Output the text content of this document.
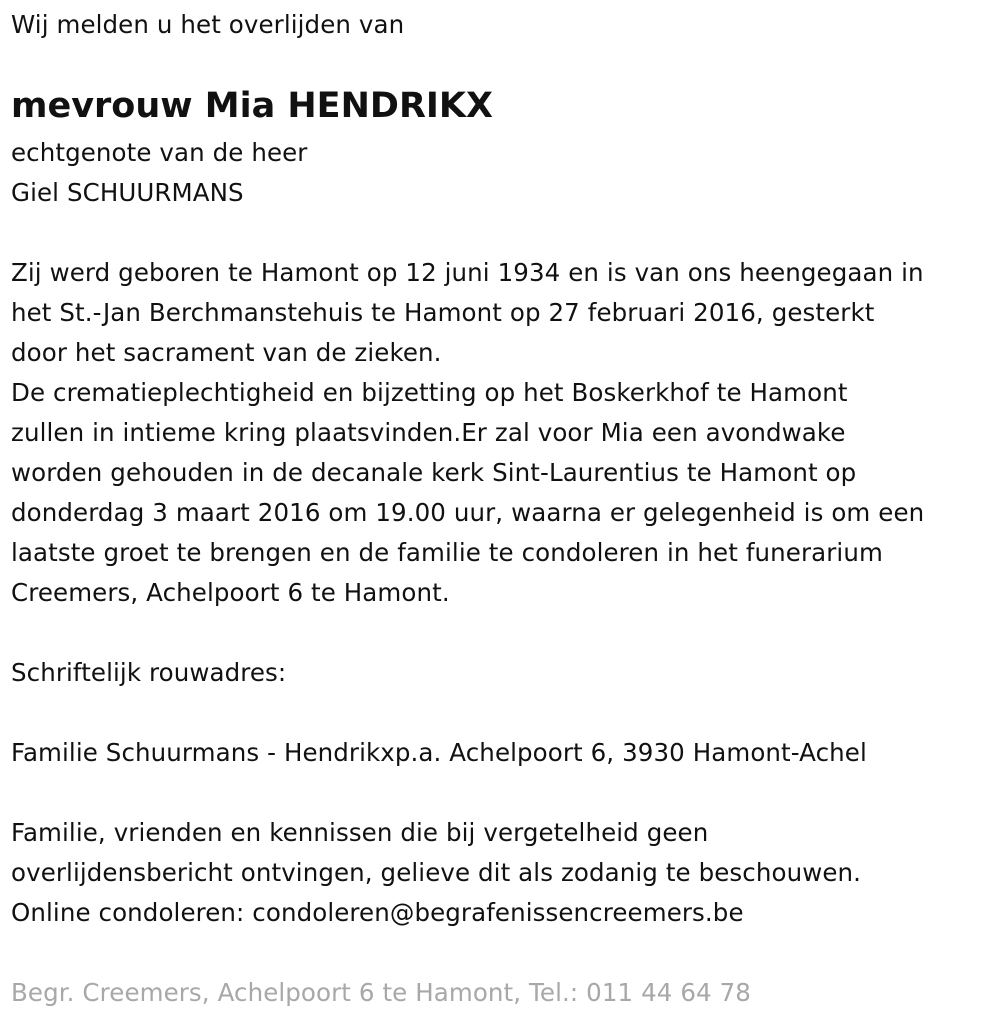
Wij melden u het overlijden van
mevrouw Mia HENDRIKX
echtgenote van de heer
Giel SCHUURMANS
Zij werd geboren te Hamont op 12 juni 1934 en is van ons heengegaan in
het St.-Jan Berchmanstehuis te Hamont op 27 februari 2016, gesterkt
door het sacrament van de zieken.
De crematieplechtigheid en bijzetting op het Boskerkhof te Hamont
zullen in intieme kring plaatsvinden.Er zal voor Mia een avondwake
worden gehouden in de decanale kerk Sint-Laurentius te Hamont op
donderdag 3 maart 2016 om 19.00 uur, waarna er gelegenheid is om een
laatste groet te brengen en de familie te condoleren in het funerarium
Creemers, Achelpoort 6 te Hamont.
Schriftelijk rouwadres:
Familie Schuurmans - Hendrikxp.a. Achelpoort 6, 3930 Hamont-Achel
Familie, vrienden en kennissen die bij vergetelheid geen
overlijdensbericht ontvingen, gelieve dit als zodanig te beschouwen.
Online condoleren: condoleren@begrafenissencreemers.be
Begr. Creemers, Achelpoort 6 te Hamont, Tel.: 011 44 64 78
